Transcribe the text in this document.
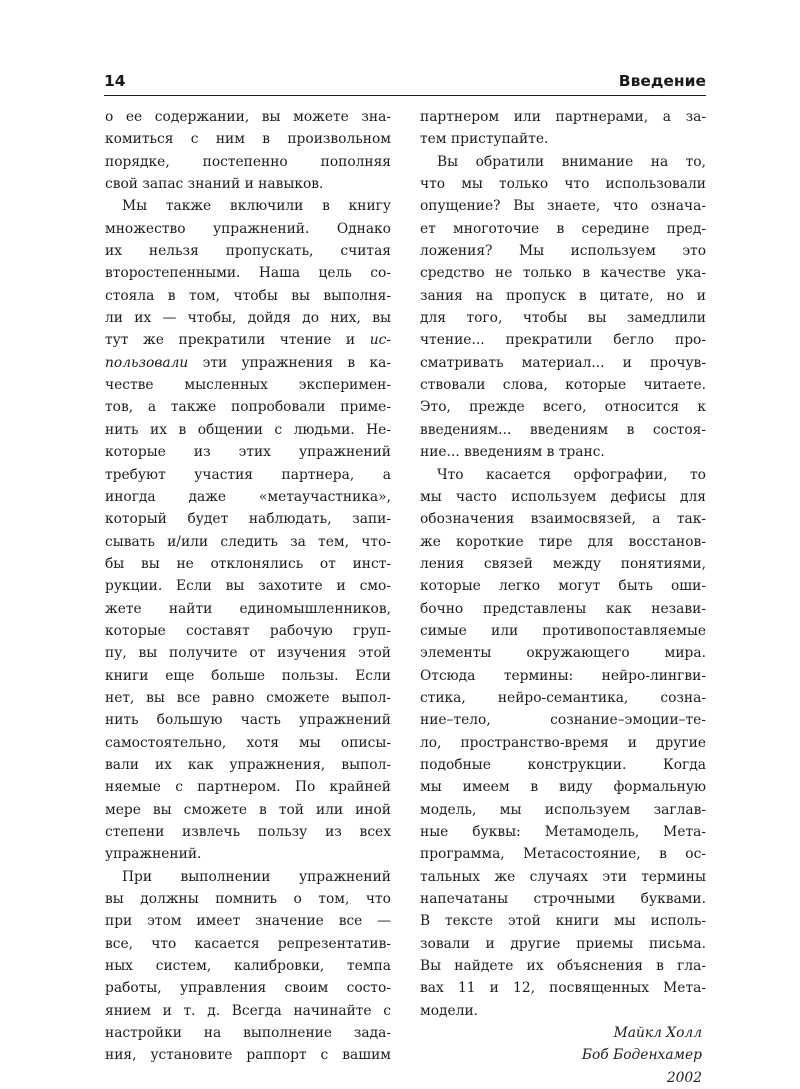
14	Введение
о ее содержании, вы можете зна-
комиться с ним в произвольном
порядке, постепенно пополняя
свой запас знаний и навыков.
Мы также включили в книгу
множество упражнений. Однако
их нельзя пропускать, считая
второстепенными. Наша цель со-
стояла в том, чтобы вы выполня-
ли их — чтобы, дойдя до них, вы
тут же прекратили чтение и ис-
пользовали эти упражнения в ка-
честве мысленных эксперимен-
тов, а также попробовали приме-
нить их в общении с людьми. Не-
которые из этих упражнений
требуют участия партнера, а
иногда даже «метаучастника»,
который будет наблюдать, запи-
сывать и/или следить за тем, что-
бы вы не отклонялись от инст-
рукции. Если вы захотите и смо-
жете найти единомышленников,
которые составят рабочую груп-
пу, вы получите от изучения этой
книги еще больше пользы. Если
нет, вы все равно сможете выпол-
нить большую часть упражнений
самостоятельно, хотя мы описы-
вали их как упражнения, выпол-
няемые с партнером. По крайней
мере вы сможете в той или иной
степени извлечь пользу из всех
упражнений.
При выполнении упражнений
вы должны помнить о том, что
при этом имеет значение все —
все, что касается репрезентатив-
ных систем, калибровки, темпа
работы, управления своим состо-
янием и т. д. Всегда начинайте с
настройки на выполнение зада-
ния, установите раппорт с вашим
партнером или партнерами, а за-
тем приступайте.
Вы обратили внимание на то,
что мы только что использовали
опущение? Вы знаете, что означа-
ет многоточие в середине пред-
ложения? Мы используем это
средство не только в качестве ука-
зания на пропуск в цитате, но и
для того, чтобы вы замедлили
чтение... прекратили бегло про-
сматривать материал... и прочув-
ствовали слова, которые читаете.
Это, прежде всего, относится к
введениям... введениям в состоя-
ние... введениям в транс.
Что касается орфографии, то
мы часто используем дефисы для
обозначения взаимосвязей, а так-
же короткие тире для восстанов-
ления связей между понятиями,
которые легко могут быть оши-
бочно представлены как незави-
симые или противопоставляемые
элементы окружающего мира.
Отсюда термины: нейро-лингви-
стика, нейро-семантика, созна-
ние–тело, сознание–эмоции–те-
ло, пространство-время и другие
подобные конструкции. Когда
мы имеем в виду формальную
модель, мы используем заглав-
ные буквы: Метамодель, Мета-
программа, Метасостояние, в ос-
тальных же случаях эти термины
напечатаны строчными буквами.
В тексте этой книги мы исполь-
зовали и другие приемы письма.
Вы найдете их объяснения в гла-
вах 11 и 12, посвященных Мета-
модели.
Майкл Холл
Боб Боденхамер
2002
